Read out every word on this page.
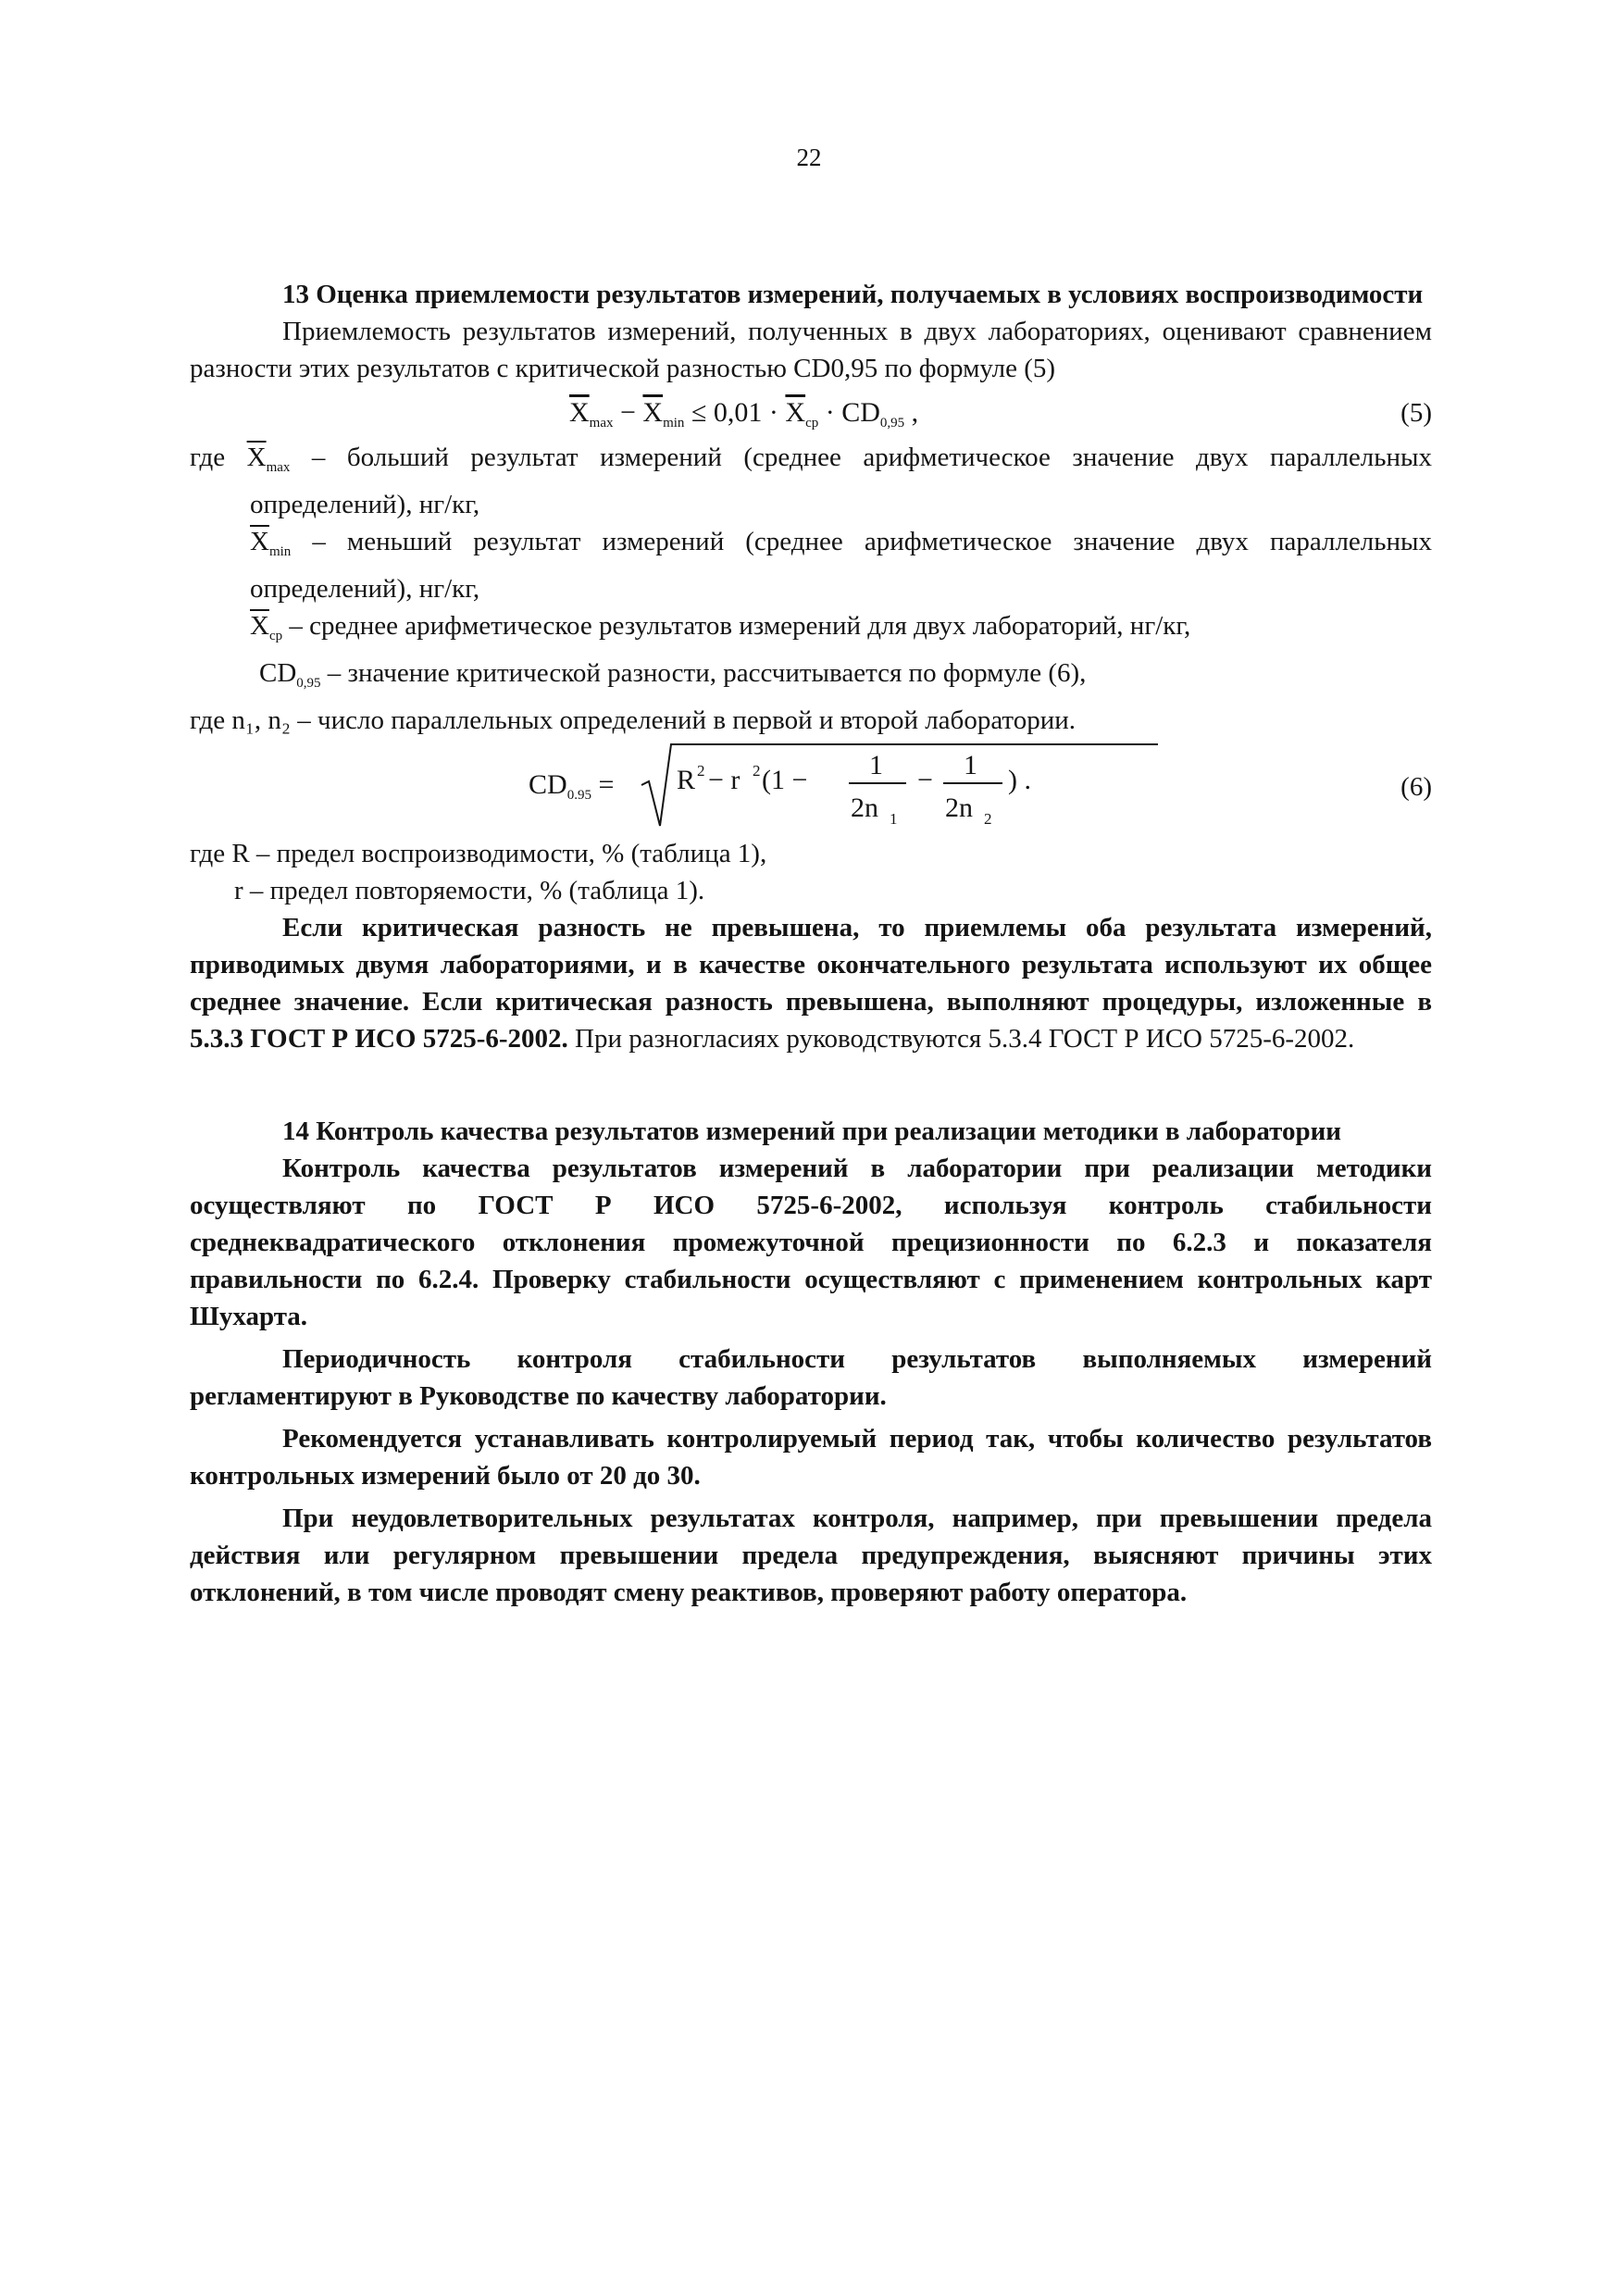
22

13 Оценка приемлемости результатов измерений, получаемых в условиях воспроизводимости

Приемлемость результатов измерений, полученных в двух лабораториях, оценивают сравнением разности этих результатов с критической разностью CD0,95 по формуле (5)

$\overline{X}_{max} - \overline{X}_{min} \le 0,01 \cdot \overline{X}_{ср} \cdot CD_{0,95}$ ,	(5)

где $\overline{X}_{max}$ – больший результат измерений (среднее арифметическое значение двух параллельных определений), нг/кг,

$\overline{X}_{min}$ – меньший результат измерений (среднее арифметическое значение двух параллельных определений), нг/кг,

$\overline{X}_{ср}$ – среднее арифметическое результатов измерений для двух лабораторий, нг/кг,

$CD_{0,95}$ – значение критической разности, рассчитывается по формуле (6),

где n₁, n₂ – число параллельных определений в первой и второй лаборатории.

$CD_{0.95} = R$ 2 − r 2 (1 − 1
2n 1
− 1
2n 2
) .	(6)

где R – предел воспроизводимости, % (таблица 1),

r – предел повторяемости, % (таблица 1).

Если критическая разность не превышена, то приемлемы оба результата измерений, приводимых двумя лабораториями, и в качестве окончательного результата используют их общее среднее значение. Если критическая разность превышена, выполняют процедуры, изложенные в 5.3.3 ГОСТ Р ИСО 5725-6-2002. При разногласиях руководствуются 5.3.4 ГОСТ Р ИСО 5725-6-2002.

14 Контроль качества результатов измерений при реализации методики в лаборатории

Контроль качества результатов измерений в лаборатории при реализации методики осуществляют по ГОСТ Р ИСО 5725-6-2002, используя контроль стабильности среднеквадратического отклонения промежуточной прецизионности по 6.2.3 и показателя правильности по 6.2.4. Проверку стабильности осуществляют с применением контрольных карт Шухарта.

Периодичность контроля стабильности результатов выполняемых измерений регламентируют в Руководстве по качеству лаборатории.

Рекомендуется устанавливать контролируемый период так, чтобы количество результатов контрольных измерений было от 20 до 30.

При неудовлетворительных результатах контроля, например, при превышении предела действия или регулярном превышении предела предупреждения, выясняют причины этих отклонений, в том числе проводят смену реактивов, проверяют работу оператора.
